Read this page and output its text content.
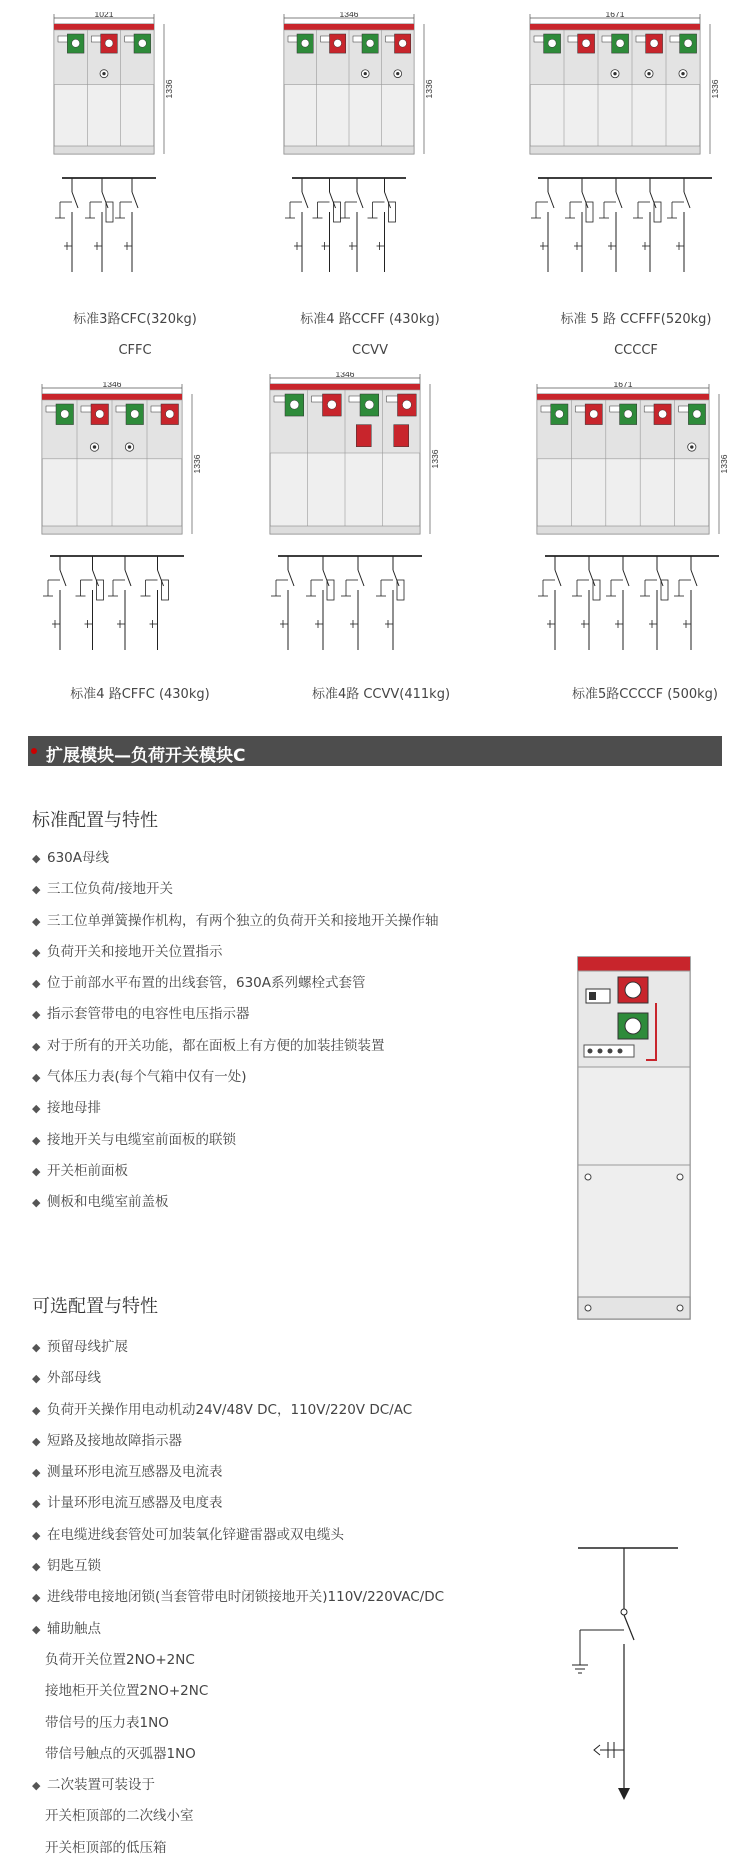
1021
1336
1346
1336
1671
1336
1346
1336
1346
1336
1671
1336
标准3路CFC(320kg)	标准4 路CCFF (430kg)	标准 5 路 CCFFF(520kg)
CFFC	CCVV	CCCCF
标准4 路CFFC (430kg)	标准4路 CCVV(411kg)	标准5路CCCCF (500kg)
扩展模块—负荷开关模块C
标准配置与特性
◆ 630A母线
◆ 三工位负荷/接地开关
◆ 三工位单弹簧操作机构，有两个独立的负荷开关和接地开关操作轴
◆ 负荷开关和接地开关位置指示
◆ 位于前部水平布置的出线套管，630A系列螺栓式套管
◆ 指示套管带电的电容性电压指示器
◆ 对于所有的开关功能，都在面板上有方便的加装挂锁装置
◆ 气体压力表(每个气箱中仅有一处)
◆ 接地母排
◆ 接地开关与电缆室前面板的联锁
◆ 开关柜前面板
◆ 侧板和电缆室前盖板
可选配置与特性
◆ 预留母线扩展
◆ 外部母线
◆ 负荷开关操作用电动机动24V/48V DC，110V/220V DC/AC
◆ 短路及接地故障指示器
◆ 测量环形电流互感器及电流表
◆ 计量环形电流互感器及电度表
◆ 在电缆进线套管处可加装氧化锌避雷器或双电缆头
◆ 钥匙互锁
◆ 进线带电接地闭锁(当套管带电时闭锁接地开关)110V/220VAC/DC
◆ 辅助触点
负荷开关位置2NO+2NC
接地柜开关位置2NO+2NC
带信号的压力表1NO
带信号触点的灭弧器1NO
◆ 二次装置可装设于
开关柜顶部的二次线小室
开关柜顶部的低压箱
